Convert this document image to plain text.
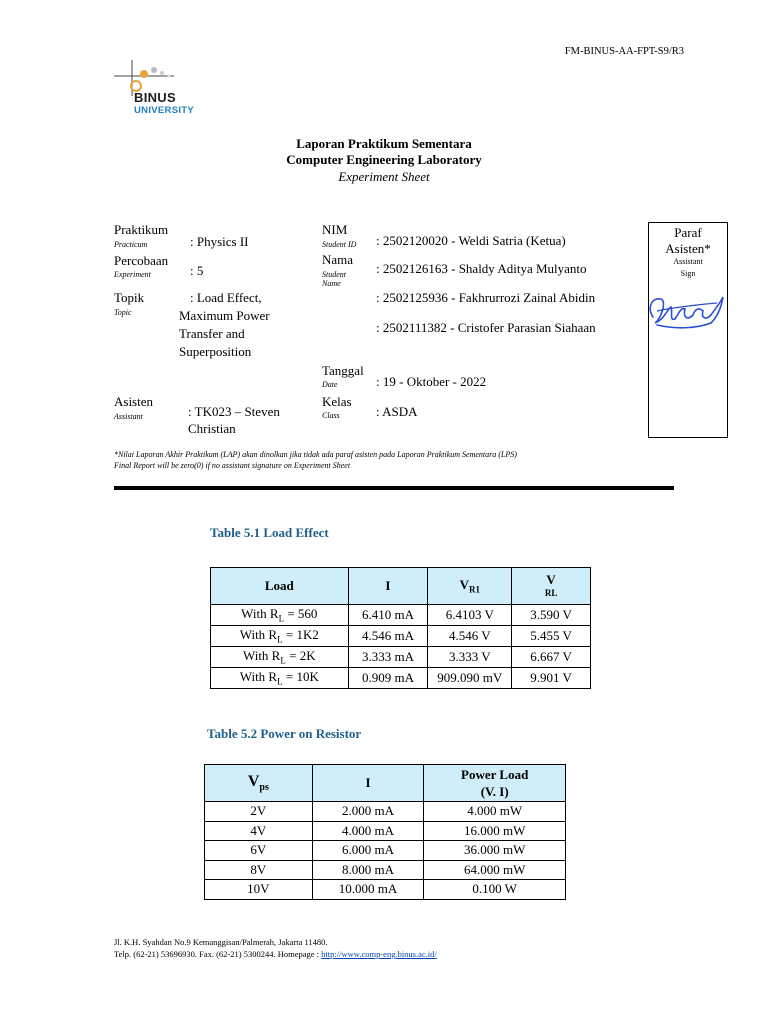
FM-BINUS-AA-FPT-S9/R3
BINUS
UNIVERSITY
Laporan Praktikum Sementara
Computer Engineering Laboratory
Experiment Sheet
Praktikum
Practicum	: Physics II
Percobaan
Experiment	: 5
Topik
Topic
: Load Effect,
Maximum Power
Transfer and
Superposition
Asisten
Assistant	: TK023 – Steven
Christian
NIM
Student ID : 2502120020 - Weldi Satria (Ketua)
Nama
Student
Name
: 2502126163 - Shaldy Aditya Mulyanto
: 2502125936 - Fakhrurrozi Zainal Abidin
: 2502111382 - Cristofer Parasian Siahaan
Tanggal
Date	: 19 - Oktober - 2022
Kelas
Class	: ASDA
Paraf
Asisten*
Assistant
Sign
*Nilai Laporan Akhir Praktikum (LAP) akan dinolkan jika tidak ada paraf asisten pada Laporan Praktikum Sementara (LPS)
Final Report will be zero(0) if no assistant signature on Experiment Sheet
Table 5.1 Load Effect
Load	I	$V_{R1}$	V
RL
With $R_L = 560$	6.410 mA	6.4103 V	3.590 V
With $R_L = 1K2$	4.546 mA	4.546 V	5.455 V
With $R_L = 2K$	3.333 mA	3.333 V	6.667 V
With $R_L = 10K$	0.909 mA	909.090 mV	9.901 V
Table 5.2 Power on Resistor
$V_{ps}$	I	Power Load
(V. I)
2V	2.000 mA	4.000 mW
4V	4.000 mA	16.000 mW
6V	6.000 mA	36.000 mW
8V	8.000 mA	64.000 mW
10V	10.000 mA	0.100 W
Jl. K.H. Syahdan No.9 Kemanggisan/Palmerah, Jakarta 11480.
Telp. (62-21) 53696930. Fax. (62-21) 5300244. Homepage : http://www.comp-eng.binus.ac.id/
